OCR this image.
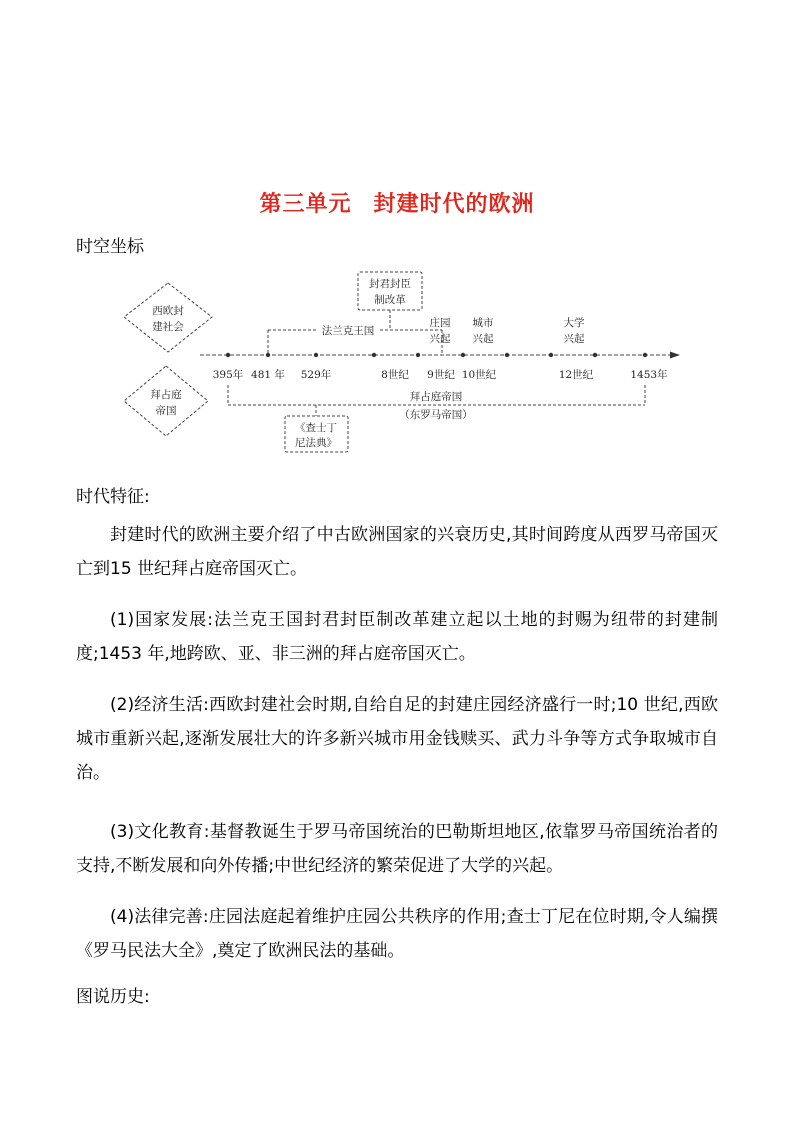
第三单元 封建时代的欧洲
时空坐标
西欧封
建社会
拜占庭
帝国
封君封臣
制改革
法兰克王国
庄园
兴起
城市
兴起
大学
兴起
395年 481 年 529年	8世纪 9世纪 10世纪	12世纪	1453年
拜占庭帝国
（东罗马帝国）
《查士丁
尼法典》
时代特征:

封建时代的欧洲主要介绍了中古欧洲国家的兴衰历史,其时间跨度从西罗马帝国灭亡到15 世纪拜占庭帝国灭亡。

(1)国家发展:法兰克王国封君封臣制改革建立起以土地的封赐为纽带的封建制度;1453 年,地跨欧、亚、非三洲的拜占庭帝国灭亡。

(2)经济生活:西欧封建社会时期,自给自足的封建庄园经济盛行一时;10 世纪,西欧城市重新兴起,逐渐发展壮大的许多新兴城市用金钱赎买、武力斗争等方式争取城市自治。

(3)文化教育:基督教诞生于罗马帝国统治的巴勒斯坦地区,依靠罗马帝国统治者的支持,不断发展和向外传播;中世纪经济的繁荣促进了大学的兴起。

(4)法律完善:庄园法庭起着维护庄园公共秩序的作用;查士丁尼在位时期,令人编撰《罗马民法大全》,奠定了欧洲民法的基础。

图说历史:
